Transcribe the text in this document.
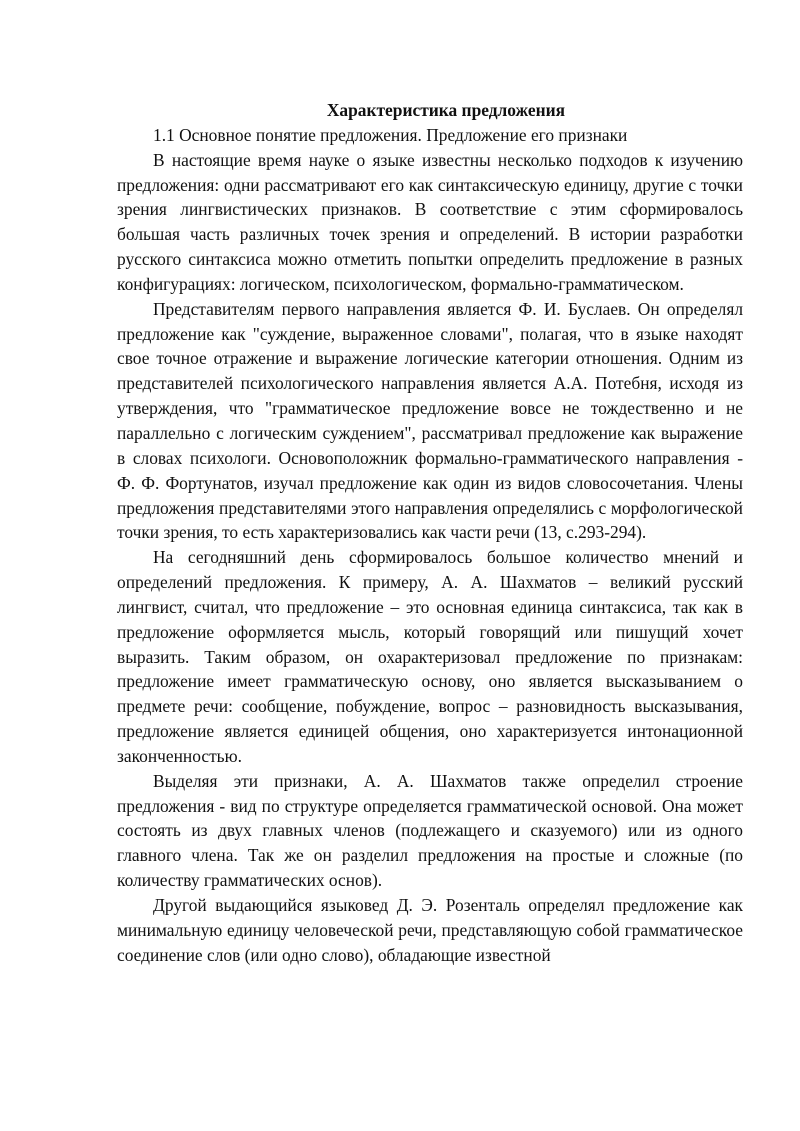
Характеристика предложения

1.1 Основное понятие предложения. Предложение его признаки

В настоящие время науке о языке известны несколько подходов к изучению предложения: одни рассматривают его как синтаксическую единицу, другие с точки зрения лингвистических признаков. В соответствие с этим сформировалось большая часть различных точек зрения и определений. В истории разработки русского синтаксиса можно отметить попытки определить предложение в разных конфигурациях: логическом, психологическом, формально-грамматическом.

Представителям первого направления является Ф. И. Буслаев. Он определял предложение как "суждение, выраженное словами", полагая, что в языке находят свое точное отражение и выражение логические категории отношения. Одним из представителей психологического направления является А.А. Потебня, исходя из утверждения, что "грамматическое предложение вовсе не тождественно и не параллельно с логическим суждением", рассматривал предложение как выражение в словах психологи. Основоположник формально-грамматического направления - Ф. Ф. Фортунатов, изучал предложение как один из видов словосочетания. Члены предложения представителями этого направления определялись с морфологической точки зрения, то есть характеризовались как части речи (13, с.293-294).

На сегодняшний день сформировалось большое количество мнений и определений предложения. К примеру, А. А. Шахматов – великий русский лингвист, считал, что предложение – это основная единица синтаксиса, так как в предложение оформляется мысль, который говорящий или пишущий хочет выразить. Таким образом, он охарактеризовал предложение по признакам: предложение имеет грамматическую основу, оно является высказыванием о предмете речи: сообщение, побуждение, вопрос – разновидность высказывания, предложение является единицей общения, оно характеризуется интонационной законченностью.

Выделяя эти признаки, А. А. Шахматов также определил строение предложения - вид по структуре определяется грамматической основой. Она может состоять из двух главных членов (подлежащего и сказуемого) или из одного главного члена. Так же он разделил предложения на простые и сложные (по количеству грамматических основ).

Другой выдающийся языковед Д. Э. Розенталь определял предложение как минимальную единицу человеческой речи, представляющую собой грамматическое соединение слов (или одно слово), обладающие известной
